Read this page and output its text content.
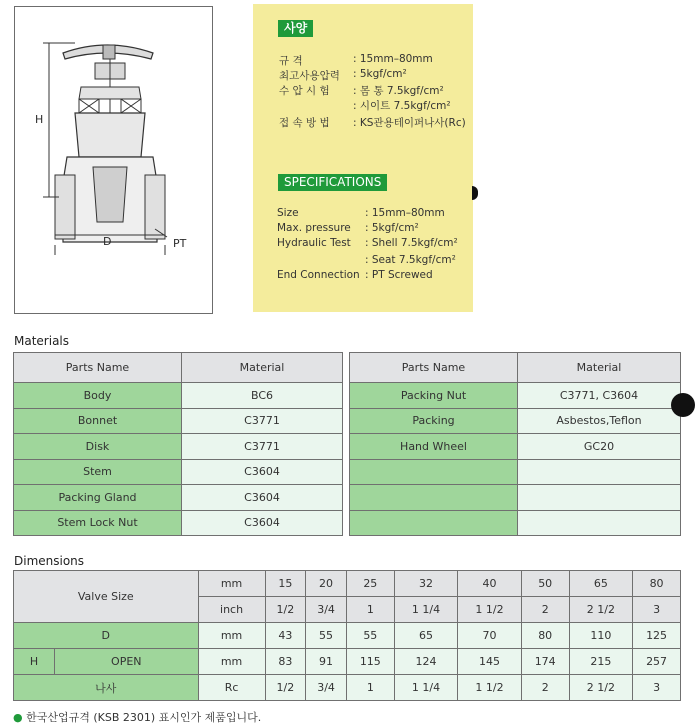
H
D	PT
사양
규 격	: 15mm–80mm
최고사용압력 : 5kgf/cm²
수 압 시 험 : 몸 통 7.5kgf/cm²
: 시이트 7.5kgf/cm²
접 속 방 법 : KS관용테이퍼나사(Rc)
SPECIFICATIONS
Size	: 15mm–80mm
Max. pressure : 5kgf/cm²
Hydraulic Test : Shell 7.5kgf/cm²
: Seat 7.5kgf/cm²
End Connection : PT Screwed
Materials
Parts Name	Material
Body	BC6
Bonnet	C3771
Disk	C3771
Stem	C3604
Packing Gland	C3604
Stem Lock Nut	C3604
Parts Name	Material
Packing Nut	C3771, C3604
Packing	Asbestos,Teflon
Hand Wheel	GC20

Dimensions
Valve Size		mm	15	20	25	32	40	50	65	80
		inch	1/2	3/4	1	1 1/4	1 1/2	2	2 1/2	3
D		mm	43	55	55	65	70	80	110	125
H	OPEN	mm	83	91	115	124	145	174	215	257
나사		Rc	1/2	3/4	1	1 1/4	1 1/2	2	2 1/2	3
● 한국산업규격 (KSB 2301) 표시인가 제품입니다.
